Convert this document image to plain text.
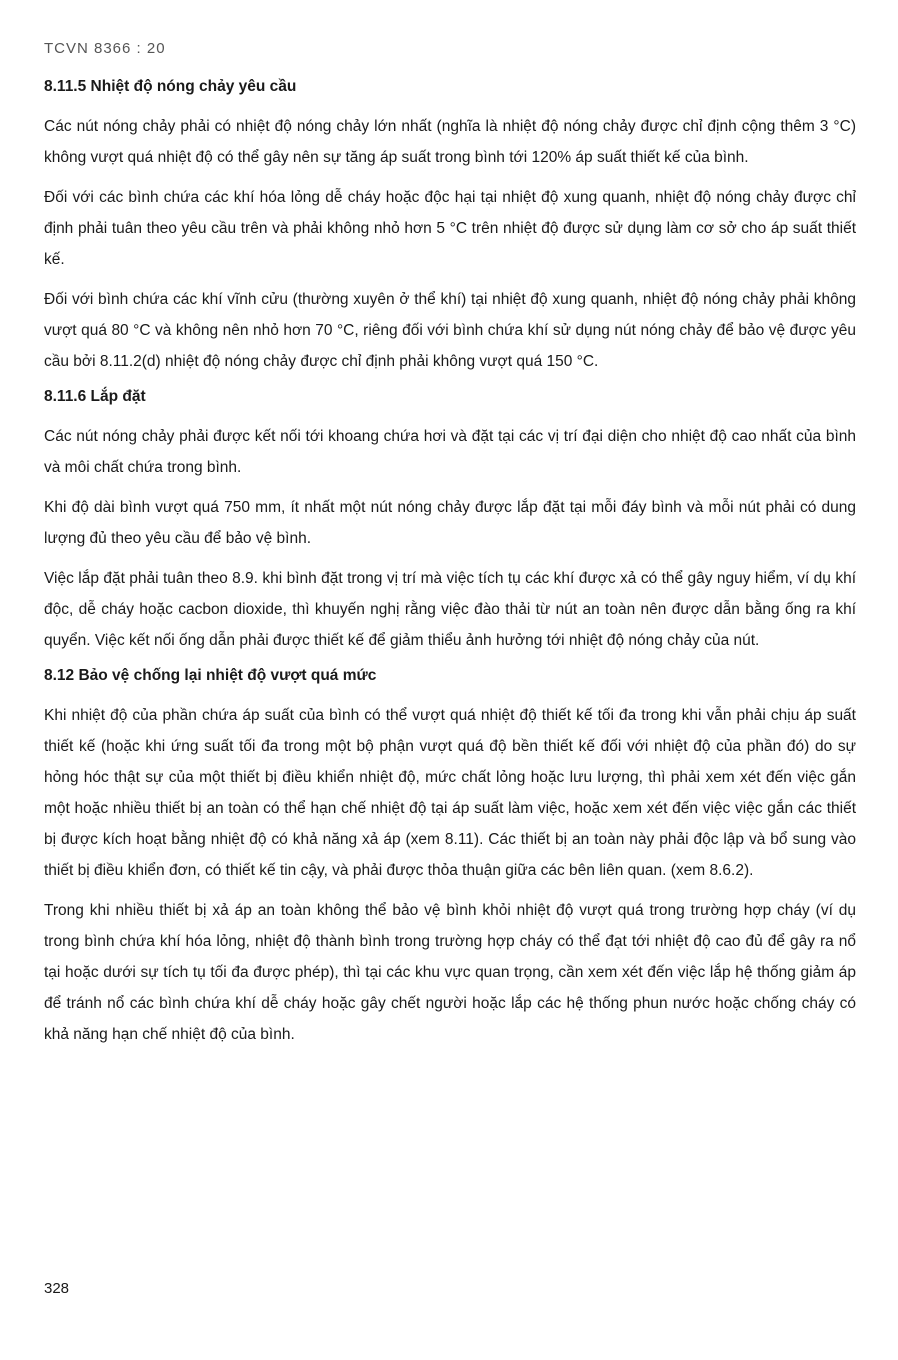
TCVN 8366 : 20
8.11.5 Nhiệt độ nóng chảy yêu cầu

Các nút nóng chảy phải có nhiệt độ nóng chảy lớn nhất (nghĩa là nhiệt độ nóng chảy được chỉ định cộng thêm 3 °C) không vượt quá nhiệt độ có thể gây nên sự tăng áp suất trong bình tới 120% áp suất thiết kế của bình.

Đối với các bình chứa các khí hóa lỏng dễ cháy hoặc độc hại tại nhiệt độ xung quanh, nhiệt độ nóng chảy được chỉ định phải tuân theo yêu cầu trên và phải không nhỏ hơn 5 °C trên nhiệt độ được sử dụng làm cơ sở cho áp suất thiết kế.

Đối với bình chứa các khí vĩnh cửu (thường xuyên ở thể khí) tại nhiệt độ xung quanh, nhiệt độ nóng chảy phải không vượt quá 80 °C và không nên nhỏ hơn 70 °C, riêng đối với bình chứa khí sử dụng nút nóng chảy để bảo vệ được yêu cầu bởi 8.11.2(d) nhiệt độ nóng chảy được chỉ định phải không vượt quá 150 °C.

8.11.6 Lắp đặt

Các nút nóng chảy phải được kết nối tới khoang chứa hơi và đặt tại các vị trí đại diện cho nhiệt độ cao nhất của bình và môi chất chứa trong bình.

Khi độ dài bình vượt quá 750 mm, ít nhất một nút nóng chảy được lắp đặt tại mỗi đáy bình và mỗi nút phải có dung lượng đủ theo yêu cầu để bảo vệ bình.

Việc lắp đặt phải tuân theo 8.9. khi bình đặt trong vị trí mà việc tích tụ các khí được xả có thể gây nguy hiểm, ví dụ khí độc, dễ cháy hoặc cacbon dioxide, thì khuyến nghị rằng việc đào thải từ nút an toàn nên được dẫn bằng ống ra khí quyển. Việc kết nối ống dẫn phải được thiết kế để giảm thiểu ảnh hưởng tới nhiệt độ nóng chảy của nút.

8.12 Bảo vệ chống lại nhiệt độ vượt quá mức

Khi nhiệt độ của phần chứa áp suất của bình có thể vượt quá nhiệt độ thiết kế tối đa trong khi vẫn phải chịu áp suất thiết kế (hoặc khi ứng suất tối đa trong một bộ phận vượt quá độ bền thiết kế đối với nhiệt độ của phần đó) do sự hỏng hóc thật sự của một thiết bị điều khiển nhiệt độ, mức chất lỏng hoặc lưu lượng, thì phải xem xét đến việc gắn một hoặc nhiều thiết bị an toàn có thể hạn chế nhiệt độ tại áp suất làm việc, hoặc xem xét đến việc việc gắn các thiết bị được kích hoạt bằng nhiệt độ có khả năng xả áp (xem 8.11). Các thiết bị an toàn này phải độc lập và bổ sung vào thiết bị điều khiển đơn, có thiết kế tin cậy, và phải được thỏa thuận giữa các bên liên quan. (xem 8.6.2).

Trong khi nhiều thiết bị xả áp an toàn không thể bảo vệ bình khỏi nhiệt độ vượt quá trong trường hợp cháy (ví dụ trong bình chứa khí hóa lỏng, nhiệt độ thành bình trong trường hợp cháy có thể đạt tới nhiệt độ cao đủ để gây ra nổ tại hoặc dưới sự tích tụ tối đa được phép), thì tại các khu vực quan trọng, cần xem xét đến việc lắp hệ thống giảm áp để tránh nổ các bình chứa khí dễ cháy hoặc gây chết người hoặc lắp các hệ thống phun nước hoặc chống cháy có khả năng hạn chế nhiệt độ của bình.

328
